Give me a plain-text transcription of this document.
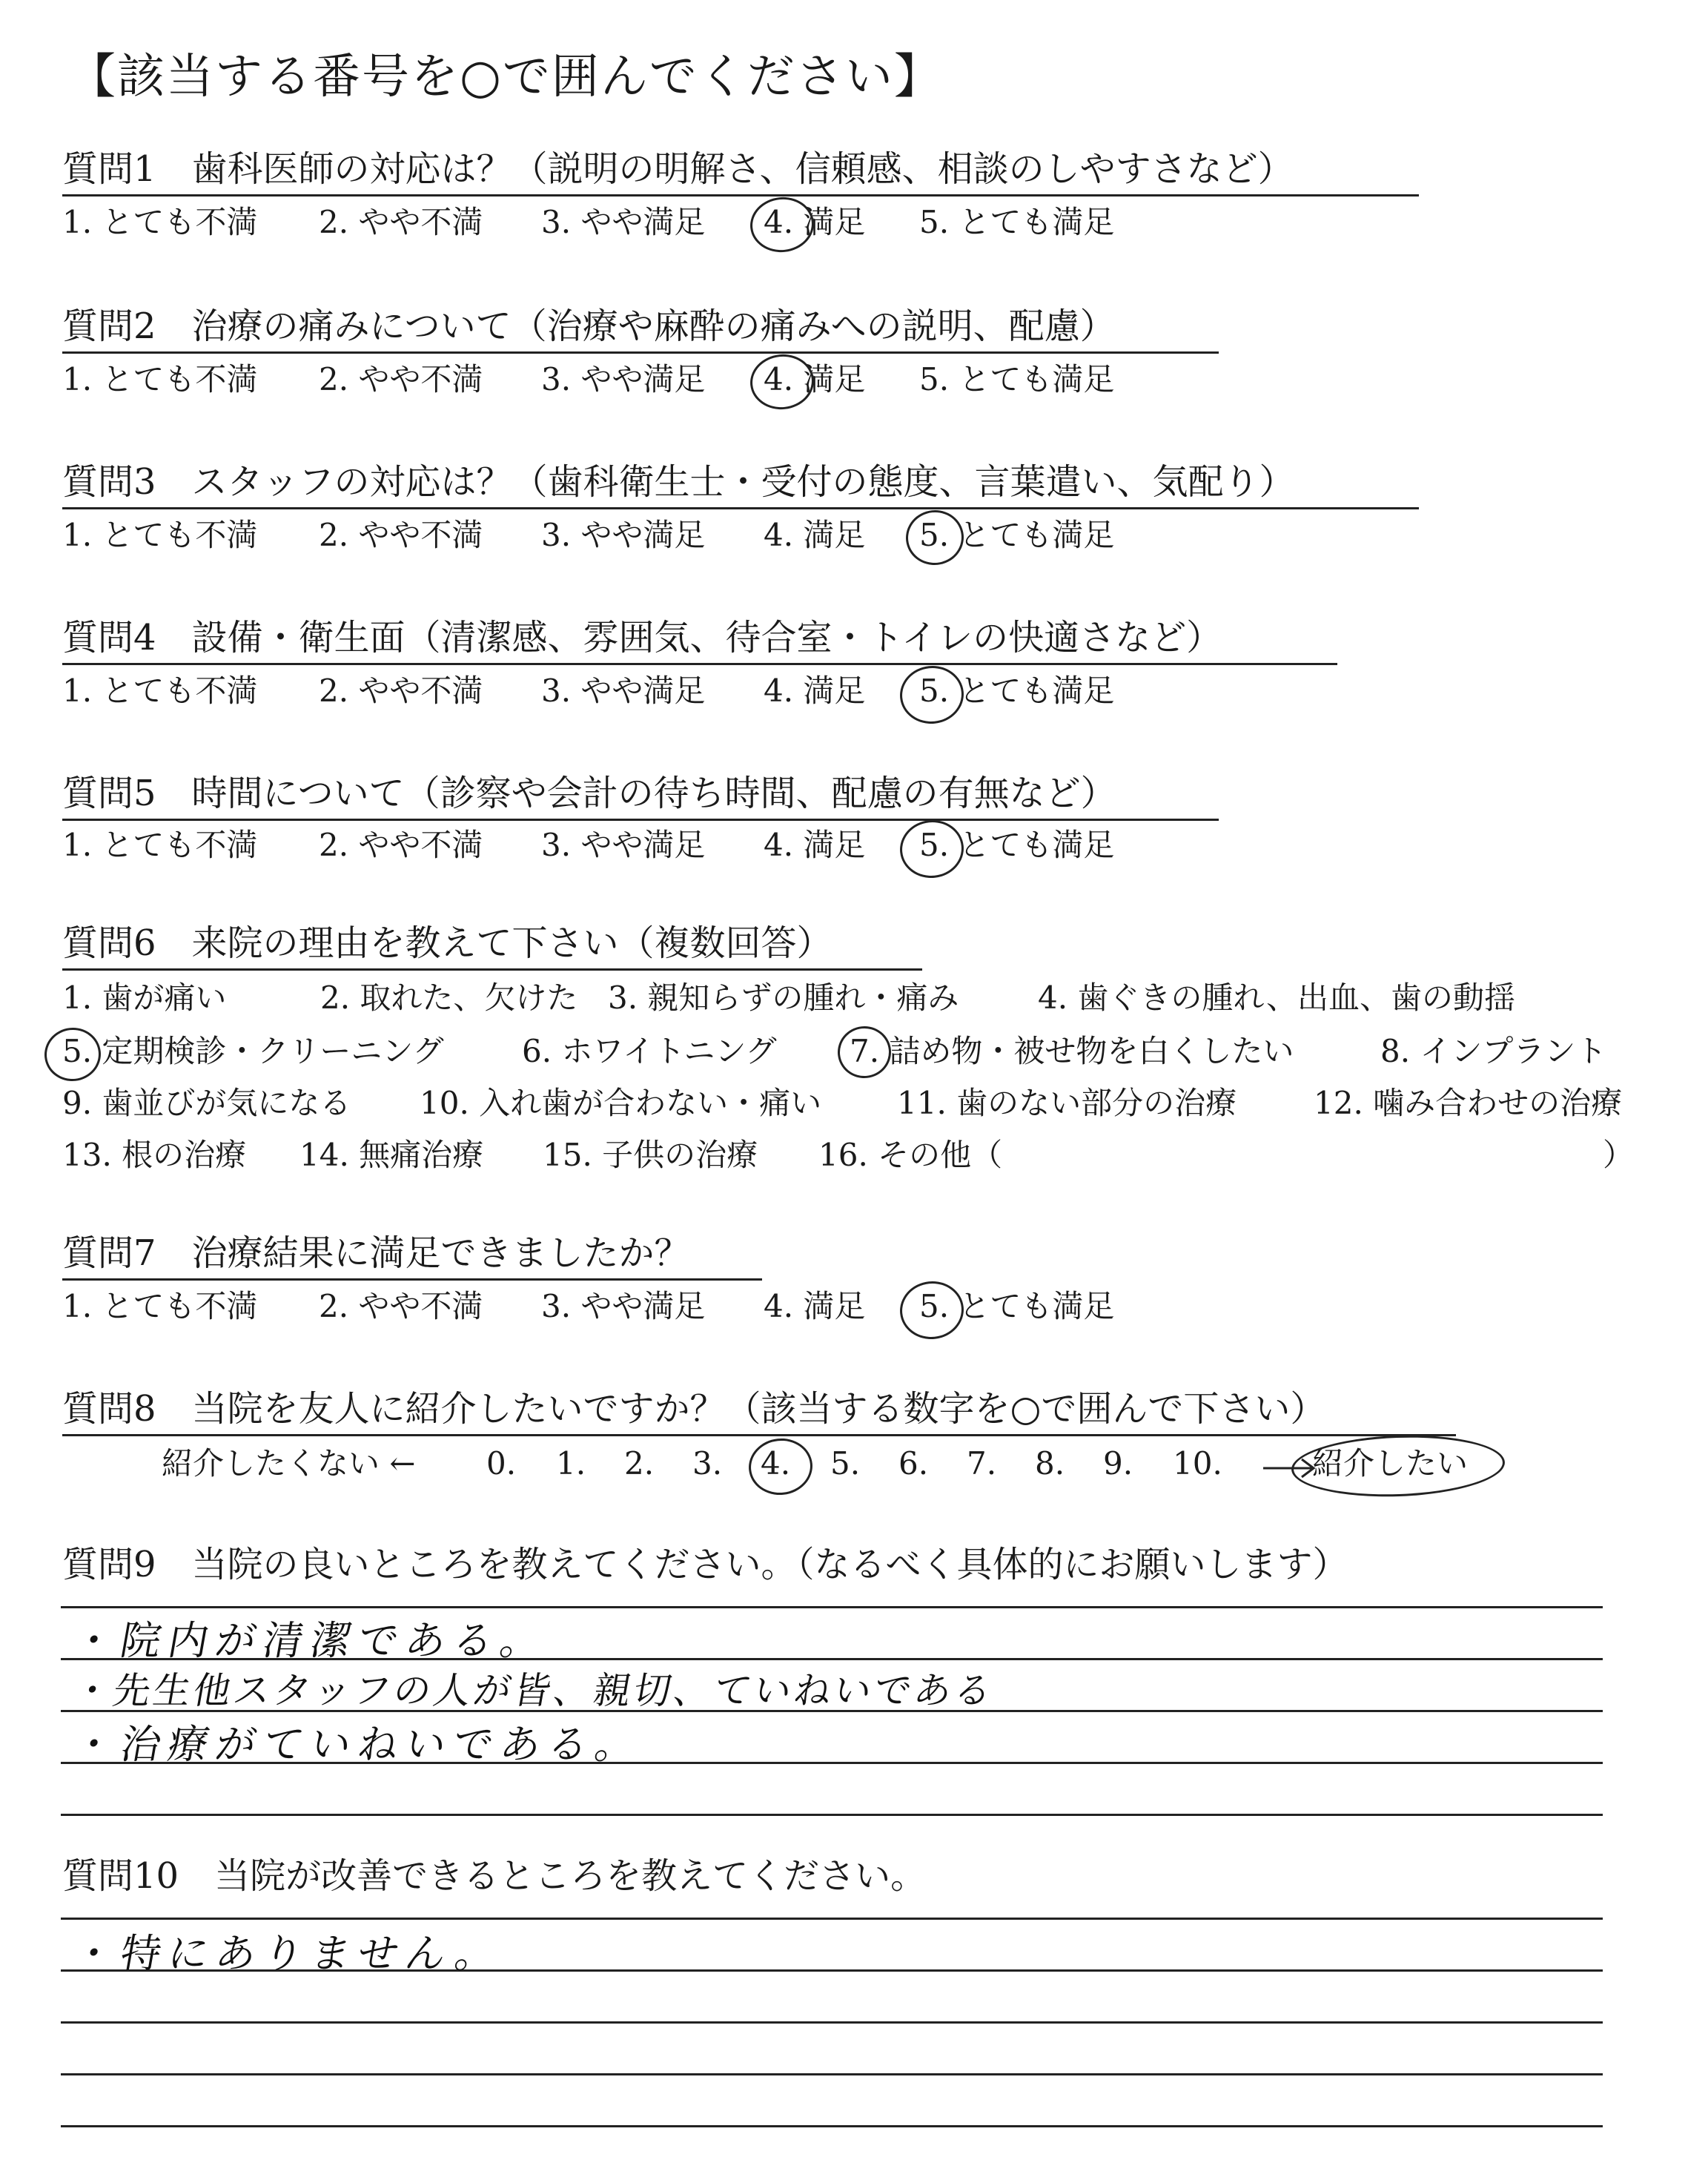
【該当する番号を○で囲んでください】
質問1　歯科医師の対応は？（説明の明解さ、信頼感、相談のしやすさなど）
1. とても不満 2. やや不満 3. やや満足 4. 満足 5. とても満足
質問2　治療の痛みについて（治療や麻酔の痛みへの説明、配慮）
1. とても不満 2. やや不満 3. やや満足 4. 満足 5. とても満足
質問3　スタッフの対応は？（歯科衛生士・受付の態度、言葉遣い、気配り）
1. とても不満 2. やや不満 3. やや満足 4. 満足 5. とても満足
質問4　設備・衛生面（清潔感、雰囲気、待合室・トイレの快適さなど）
1. とても不満 2. やや不満 3. やや満足 4. 満足 5. とても満足
質問5　時間について（診察や会計の待ち時間、配慮の有無など）
1. とても不満 2. やや不満 3. やや満足 4. 満足 5. とても満足
質問6　来院の理由を教えて下さい（複数回答）
1. 歯が痛い	2. 取れた、欠けた 3. 親知らずの腫れ・痛み	4. 歯ぐきの腫れ、出血、歯の動揺
5. 定期検診・クリーニング	6. ホワイトニング 7. 詰め物・被せ物を白くしたい	8. インプラント
9. 歯並びが気になる 10. 入れ歯が合わない・痛い 11. 歯のない部分の治療 12. 噛み合わせの治療
13. 根の治療 14. 無痛治療 15. 子供の治療 16. その他（	）
質問7　治療結果に満足できましたか？
1. とても不満 2. やや不満 3. やや満足 4. 満足 5. とても満足
質問8　当院を友人に紹介したいですか？（該当する数字を○で囲んで下さい）
紹介したくない ← 0. 1. 2. 3. 4. 5. 6. 7. 8. 9. 10.	紹介したい
質問9　当院の良いところを教えてください。（なるべく具体的にお願いします）
・院内が清潔である。
・先生他スタッフの人が皆、親切、ていねいである
・治療がていねいである。
質問10　当院が改善できるところを教えてください。
・特にありません。
